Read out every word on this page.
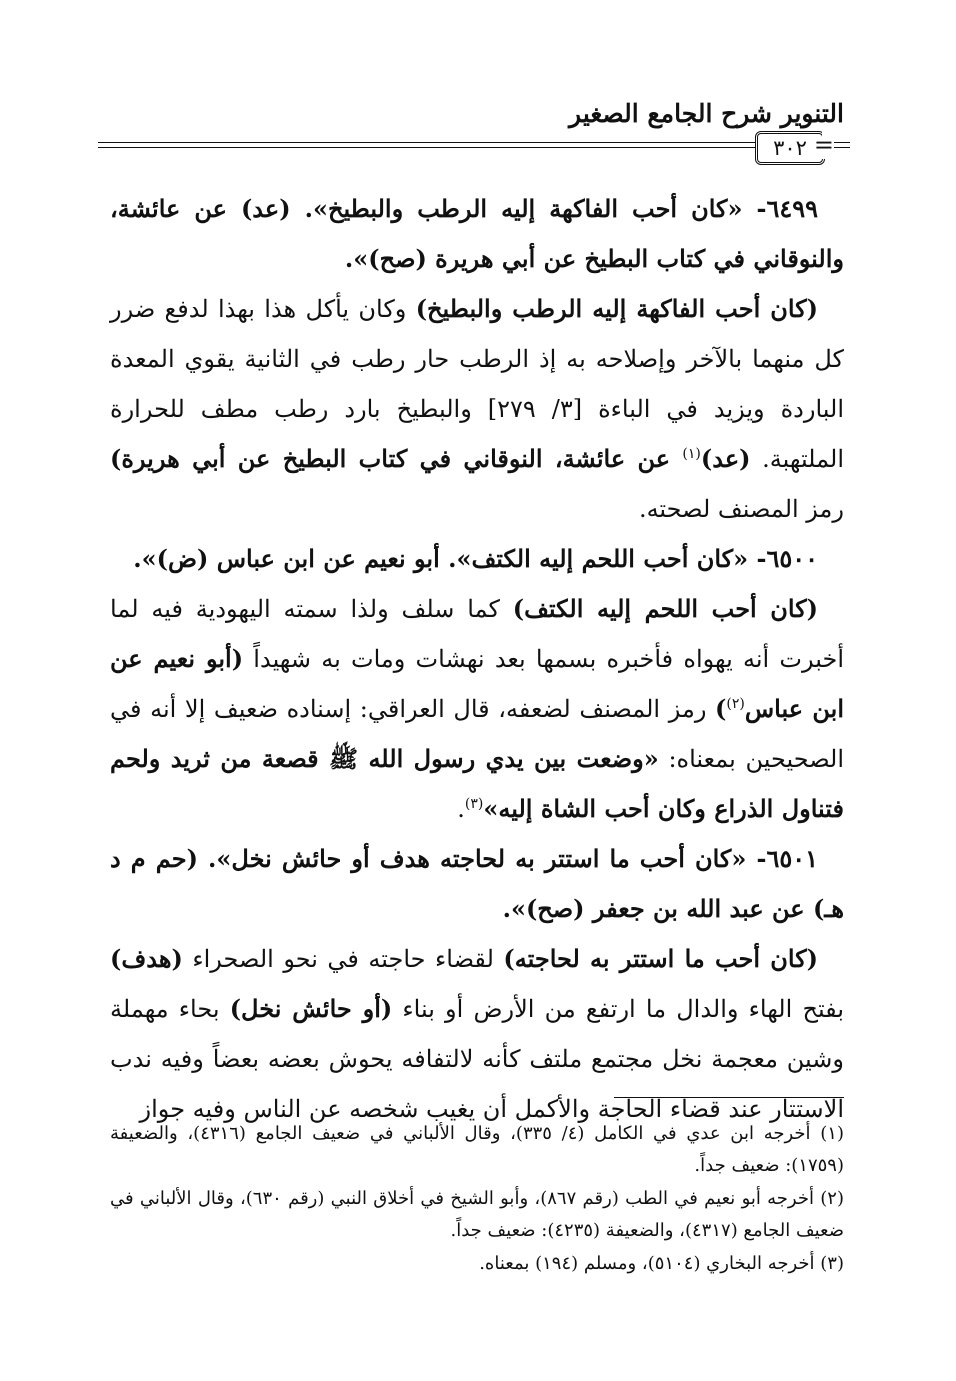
التنوير شرح الجامع الصغير
٣٠٢ =

٦٤٩٩- «كان أحب الفاكهة إليه الرطب والبطيخ». (عد) عن عائشة، والنوقاني في كتاب البطيخ عن أبي هريرة (صح)».

(كان أحب الفاكهة إليه الرطب والبطيخ) وكان يأكل هذا بهذا لدفع ضرر كل منهما بالآخر وإصلاحه به إذ الرطب حار رطب في الثانية يقوي المعدة الباردة ويزيد في الباءة [٣/ ٢٧٩] والبطيخ بارد رطب مطف للحرارة الملتهبة. (عد)$^{(١)}$ عن عائشة، النوقاني في كتاب البطيخ عن أبي هريرة) رمز المصنف لصحته.

٦٥٠٠- «كان أحب اللحم إليه الكتف». أبو نعيم عن ابن عباس (ض)».

(كان أحب اللحم إليه الكتف) كما سلف ولذا سمته اليهودية فيه لما أخبرت أنه يهواه فأخبره بسمها بعد نهشات ومات به شهيداً (أبو نعيم عن ابن عباس$^{(٢)}$) رمز المصنف لضعفه، قال العراقي: إسناده ضعيف إلا أنه في الصحيحين بمعناه: «وضعت بين يدي رسول الله ﷺ قصعة من ثريد ولحم فتناول الذراع وكان أحب الشاة إليه»$^{(٣)}$.

٦٥٠١- «كان أحب ما استتر به لحاجته هدف أو حائش نخل». (حم م د هـ) عن عبد الله بن جعفر (صح)».

(كان أحب ما استتر به لحاجته) لقضاء حاجته في نحو الصحراء (هدف) بفتح الهاء والدال ما ارتفع من الأرض أو بناء (أو حائش نخل) بحاء مهملة وشين معجمة نخل مجتمع ملتف كأنه لالتفافه يحوش بعضه بعضاً وفيه ندب الاستتار عند قضاء الحاجة والأكمل أن يغيب شخصه عن الناس وفيه جواز

(١) أخرجه ابن عدي في الكامل (٤/ ٣٣٥)، وقال الألباني في ضعيف الجامع (٤٣١٦)، والضعيفة (١٧٥٩): ضعيف جداً.

(٢) أخرجه أبو نعيم في الطب (رقم ٨٦٧)، وأبو الشيخ في أخلاق النبي (رقم ٦٣٠)، وقال الألباني في ضعيف الجامع (٤٣١٧)، والضعيفة (٤٢٣٥): ضعيف جداً.

(٣) أخرجه البخاري (٥١٠٤)، ومسلم (١٩٤) بمعناه.
